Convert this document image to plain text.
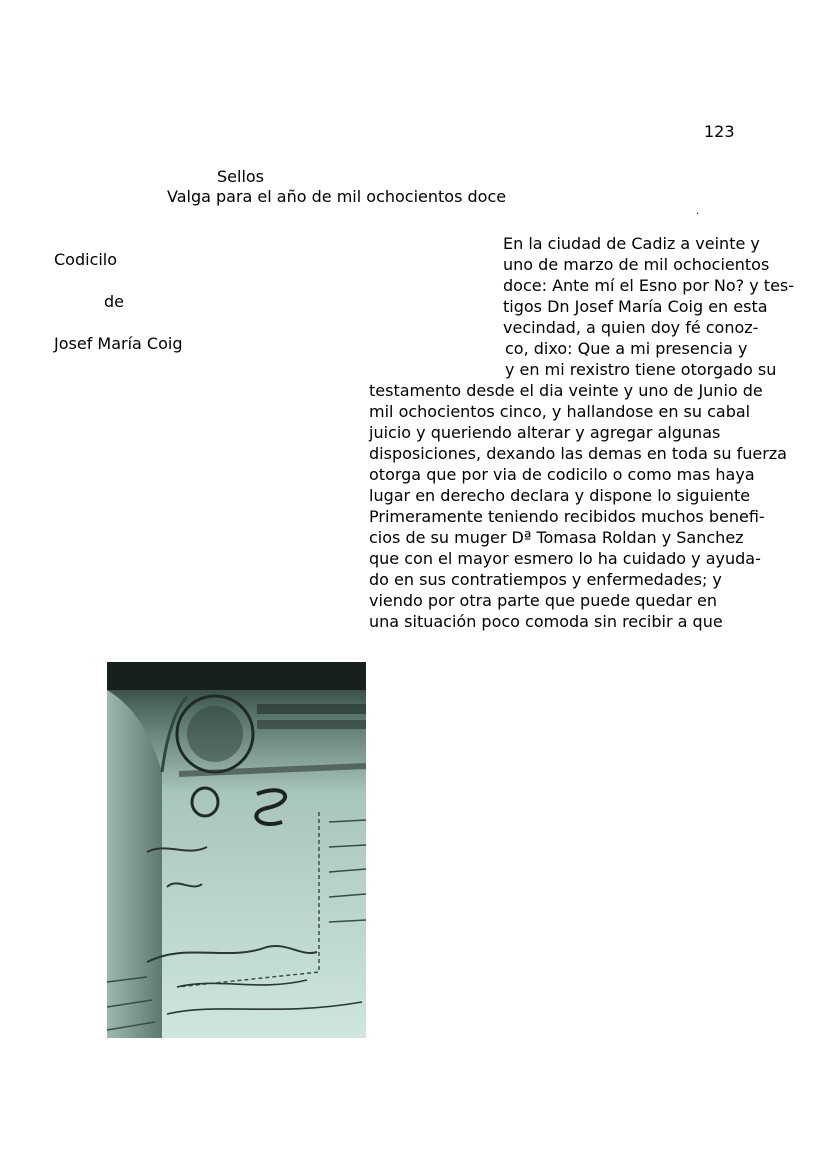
123
Sellos
Valga para el año de mil ochocientos doce
.
Codicilo
de
Josef María Coig
En la ciudad de Cadiz a veinte y
uno de marzo de mil ochocientos
doce: Ante mí el Esno por No? y tes-
tigos Dn Josef María Coig en esta
vecindad, a quien doy fé conoz-
co, dixo: Que a mi presencia y
y en mi rexistro tiene otorgado su
testamento desde el dia veinte y uno de Junio de
mil ochocientos cinco, y hallandose en su cabal
juicio y queriendo alterar y agregar algunas
disposiciones, dexando las demas en toda su fuerza
otorga que por via de codicilo o como mas haya
lugar en derecho declara y dispone lo siguiente
Primeramente teniendo recibidos muchos benefi-
cios de su muger Dª Tomasa Roldan y Sanchez
que con el mayor esmero lo ha cuidado y ayuda-
do en sus contratiempos y enfermedades; y
viendo por otra parte que puede quedar en
una situación poco comoda sin recibir a que
